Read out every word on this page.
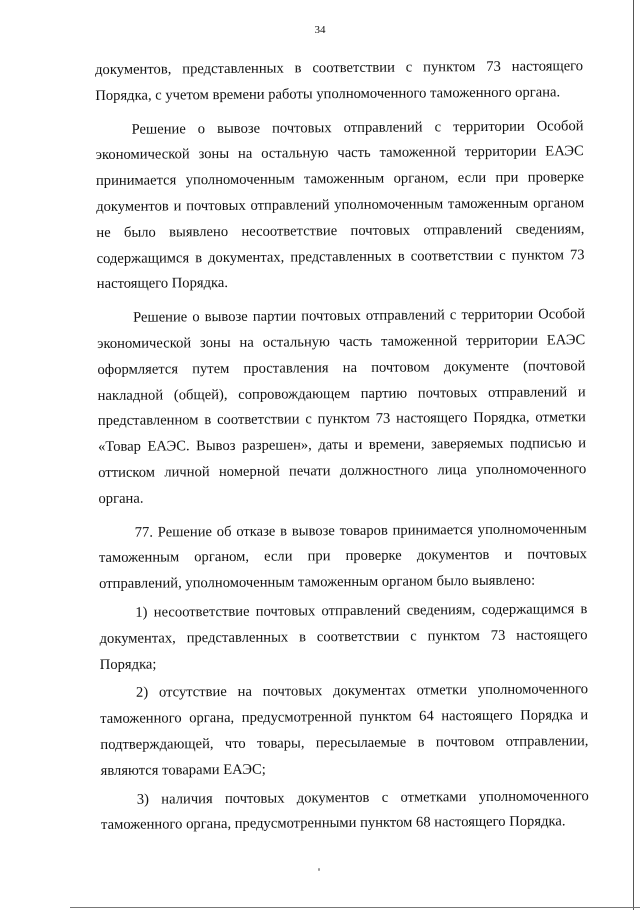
34

документов, представленных в соответствии с пунктом 73 настоящего Порядка, с учетом времени работы уполномоченного таможенного органа.

Решение о вывозе почтовых отправлений с территории Особой экономической зоны на остальную часть таможенной территории ЕАЭС принимается уполномоченным таможенным органом, если при проверке документов и почтовых отправлений уполномоченным таможенным органом не было выявлено несоответствие почтовых отправлений сведениям, содержащимся в документах, представленных в соответствии с пунктом 73 настоящего Порядка.

Решение о вывозе партии почтовых отправлений с территории Особой экономической зоны на остальную часть таможенной территории ЕАЭС оформляется путем проставления на почтовом документе (почтовой накладной (общей), сопровождающем партию почтовых отправлений и представленном в соответствии с пунктом 73 настоящего Порядка, отметки «Товар ЕАЭС. Вывоз разрешен», даты и времени, заверяемых подписью и оттиском личной номерной печати должностного лица уполномоченного органа.

77. Решение об отказе в вывозе товаров принимается уполномоченным таможенным органом, если при проверке документов и почтовых отправлений, уполномоченным таможенным органом было выявлено:

1) несоответствие почтовых отправлений сведениям, содержащимся в документах, представленных в соответствии с пунктом 73 настоящего Порядка;

2) отсутствие на почтовых документах отметки уполномоченного таможенного органа, предусмотренной пунктом 64 настоящего Порядка и подтверждающей, что товары, пересылаемые в почтовом отправлении, являются товарами ЕАЭС;

3) наличия почтовых документов с отметками уполномоченного таможенного органа, предусмотренными пунктом 68 настоящего Порядка.
